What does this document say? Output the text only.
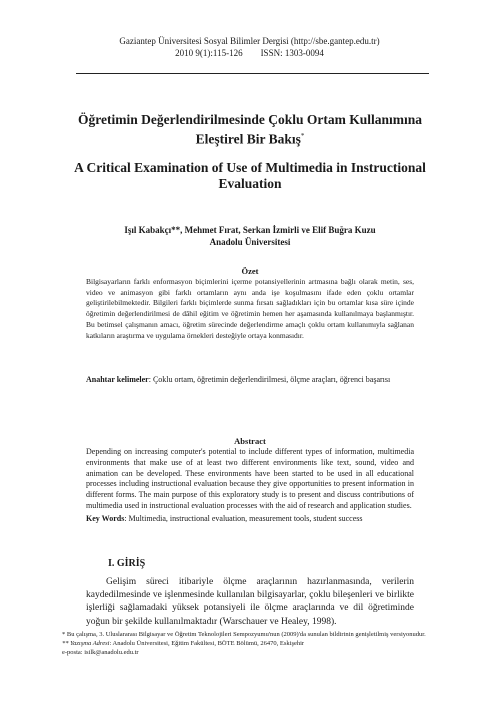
Gaziantep Üniversitesi Sosyal Bilimler Dergisi (http://sbe.gantep.edu.tr)
2010 9(1):115-126        ISSN: 1303-0094
Öğretimin Değerlendirilmesinde Çoklu Ortam Kullanımına Eleştirel Bir Bakış*
A Critical Examination of Use of Multimedia in Instructional Evaluation
Işıl Kabakçı**, Mehmet Fırat, Serkan İzmirli ve Elif Buğra Kuzu
Anadolu Üniversitesi
Özet
Bilgisayarların farklı enformasyon biçimlerini içerme potansiyellerinin artmasına bağlı olarak metin, ses, video ve animasyon gibi farklı ortamların aynı anda işe koşulmasını ifade eden çoklu ortamlar geliştirilebilmektedir. Bilgileri farklı biçimlerde sunma fırsatı sağladıkları için bu ortamlar kısa süre içinde öğretimin değerlendirilmesi de dâhil eğitim ve öğretimin hemen her aşamasında kullanılmaya başlanmıştır. Bu betimsel çalışmanın amacı, öğretim sürecinde değerlendirme amaçlı çoklu ortam kullanımıyla sağlanan katkıların araştırma ve uygulama örnekleri desteğiyle ortaya konmasıdır.
Anahtar kelimeler: Çoklu ortam, öğretimin değerlendirilmesi, ölçme araçları, öğrenci başarısı
Abstract
Depending on increasing computer's potential to include different types of information, multimedia environments that make use of at least two different environments like text, sound, video and animation can be developed. These environments have been started to be used in all educational processes including instructional evaluation because they give opportunities to present information in different forms. The main purpose of this exploratory study is to present and discuss contributions of multimedia used in instructional evaluation processes with the aid of research and application studies.
Key Words: Multimedia, instructional evaluation, measurement tools, student success
I. GİRİŞ
Gelişim süreci itibariyle ölçme araçlarının hazırlanmasında, verilerin kaydedilmesinde ve işlenmesinde kullanılan bilgisayarlar, çoklu bileşenleri ve birlikte işlerliği sağlamadaki yüksek potansiyeli ile ölçme araçlarında ve dil öğretiminde yoğun bir şekilde kullanılmaktadır (Warschauer ve Healey, 1998).

* Bu çalışma, 3. Uluslararası Bilgisayar ve Öğretim Teknolojileri Sempozyumu'nun (2009)'da sunulan bildirinin genişletilmiş versiyonudur.

** Yazışma Adresi: Anadolu Üniversitesi, Eğitim Fakültesi, BÖTE Bölümü, 26470, Eskişehir

e-posta: isilk@anadolu.edu.tr
